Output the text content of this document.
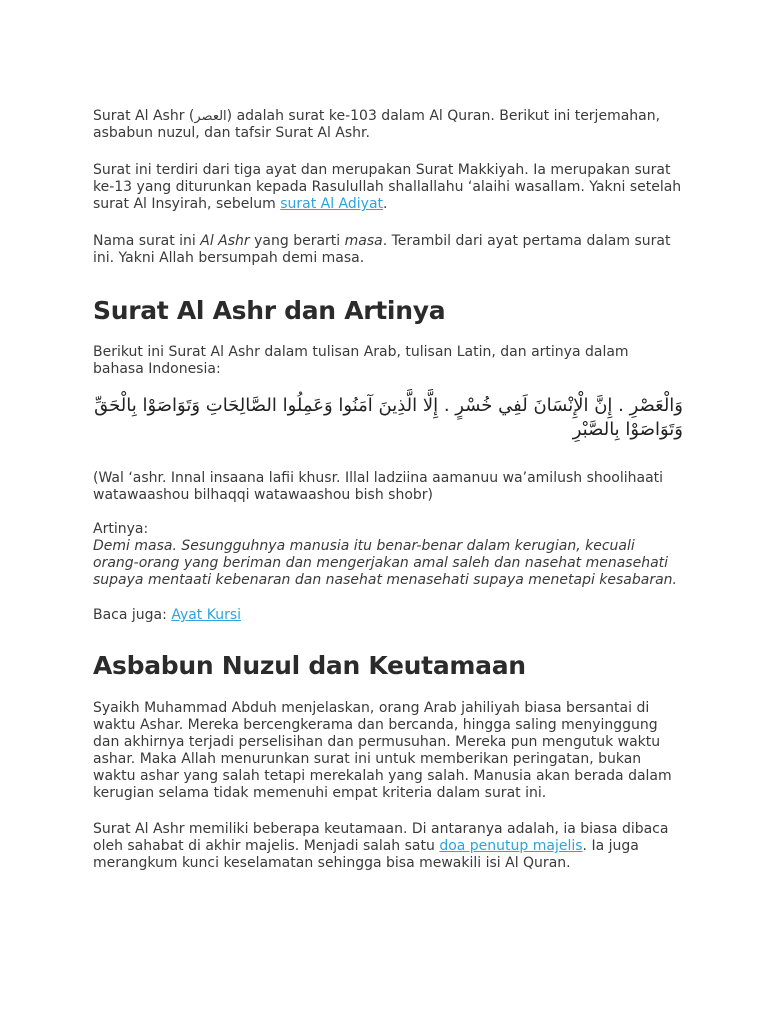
Surat Al Ashr (العصر) adalah surat ke-103 dalam Al Quran. Berikut ini terjemahan, asbabun nuzul, dan tafsir Surat Al Ashr.

Surat ini terdiri dari tiga ayat dan merupakan Surat Makkiyah. Ia merupakan surat ke-13 yang diturunkan kepada Rasulullah shallallahu ‘alaihi wasallam. Yakni setelah surat Al Insyirah, sebelum surat Al Adiyat.

Nama surat ini Al Ashr yang berarti masa. Terambil dari ayat pertama dalam surat ini. Yakni Allah bersumpah demi masa.

Surat Al Ashr dan Artinya

Berikut ini Surat Al Ashr dalam tulisan Arab, tulisan Latin, dan artinya dalam bahasa Indonesia:

وَالْعَصْرِ . إِنَّ الْإِنْسَانَ لَفِي خُسْرٍ . إِلَّا الَّذِينَ آمَنُوا وَعَمِلُوا الصَّالِحَاتِ وَتَوَاصَوْا بِالْحَقِّ وَتَوَاصَوْا بِالصَّبْرِ

(Wal ‘ashr. Innal insaana lafii khusr. Illal ladziina aamanuu wa’amilush shoolihaati watawaashou bilhaqqi watawaashou bish shobr)

Artinya:
Demi masa. Sesungguhnya manusia itu benar-benar dalam kerugian, kecuali orang-orang yang beriman dan mengerjakan amal saleh dan nasehat menasehati supaya mentaati kebenaran dan nasehat menasehati supaya menetapi kesabaran.

Baca juga: Ayat Kursi

Asbabun Nuzul dan Keutamaan

Syaikh Muhammad Abduh menjelaskan, orang Arab jahiliyah biasa bersantai di waktu Ashar. Mereka bercengkerama dan bercanda, hingga saling menyinggung dan akhirnya terjadi perselisihan dan permusuhan. Mereka pun mengutuk waktu ashar. Maka Allah menurunkan surat ini untuk memberikan peringatan, bukan waktu ashar yang salah tetapi merekalah yang salah. Manusia akan berada dalam kerugian selama tidak memenuhi empat kriteria dalam surat ini.

Surat Al Ashr memiliki beberapa keutamaan. Di antaranya adalah, ia biasa dibaca oleh sahabat di akhir majelis. Menjadi salah satu doa penutup majelis. Ia juga merangkum kunci keselamatan sehingga bisa mewakili isi Al Quran.
